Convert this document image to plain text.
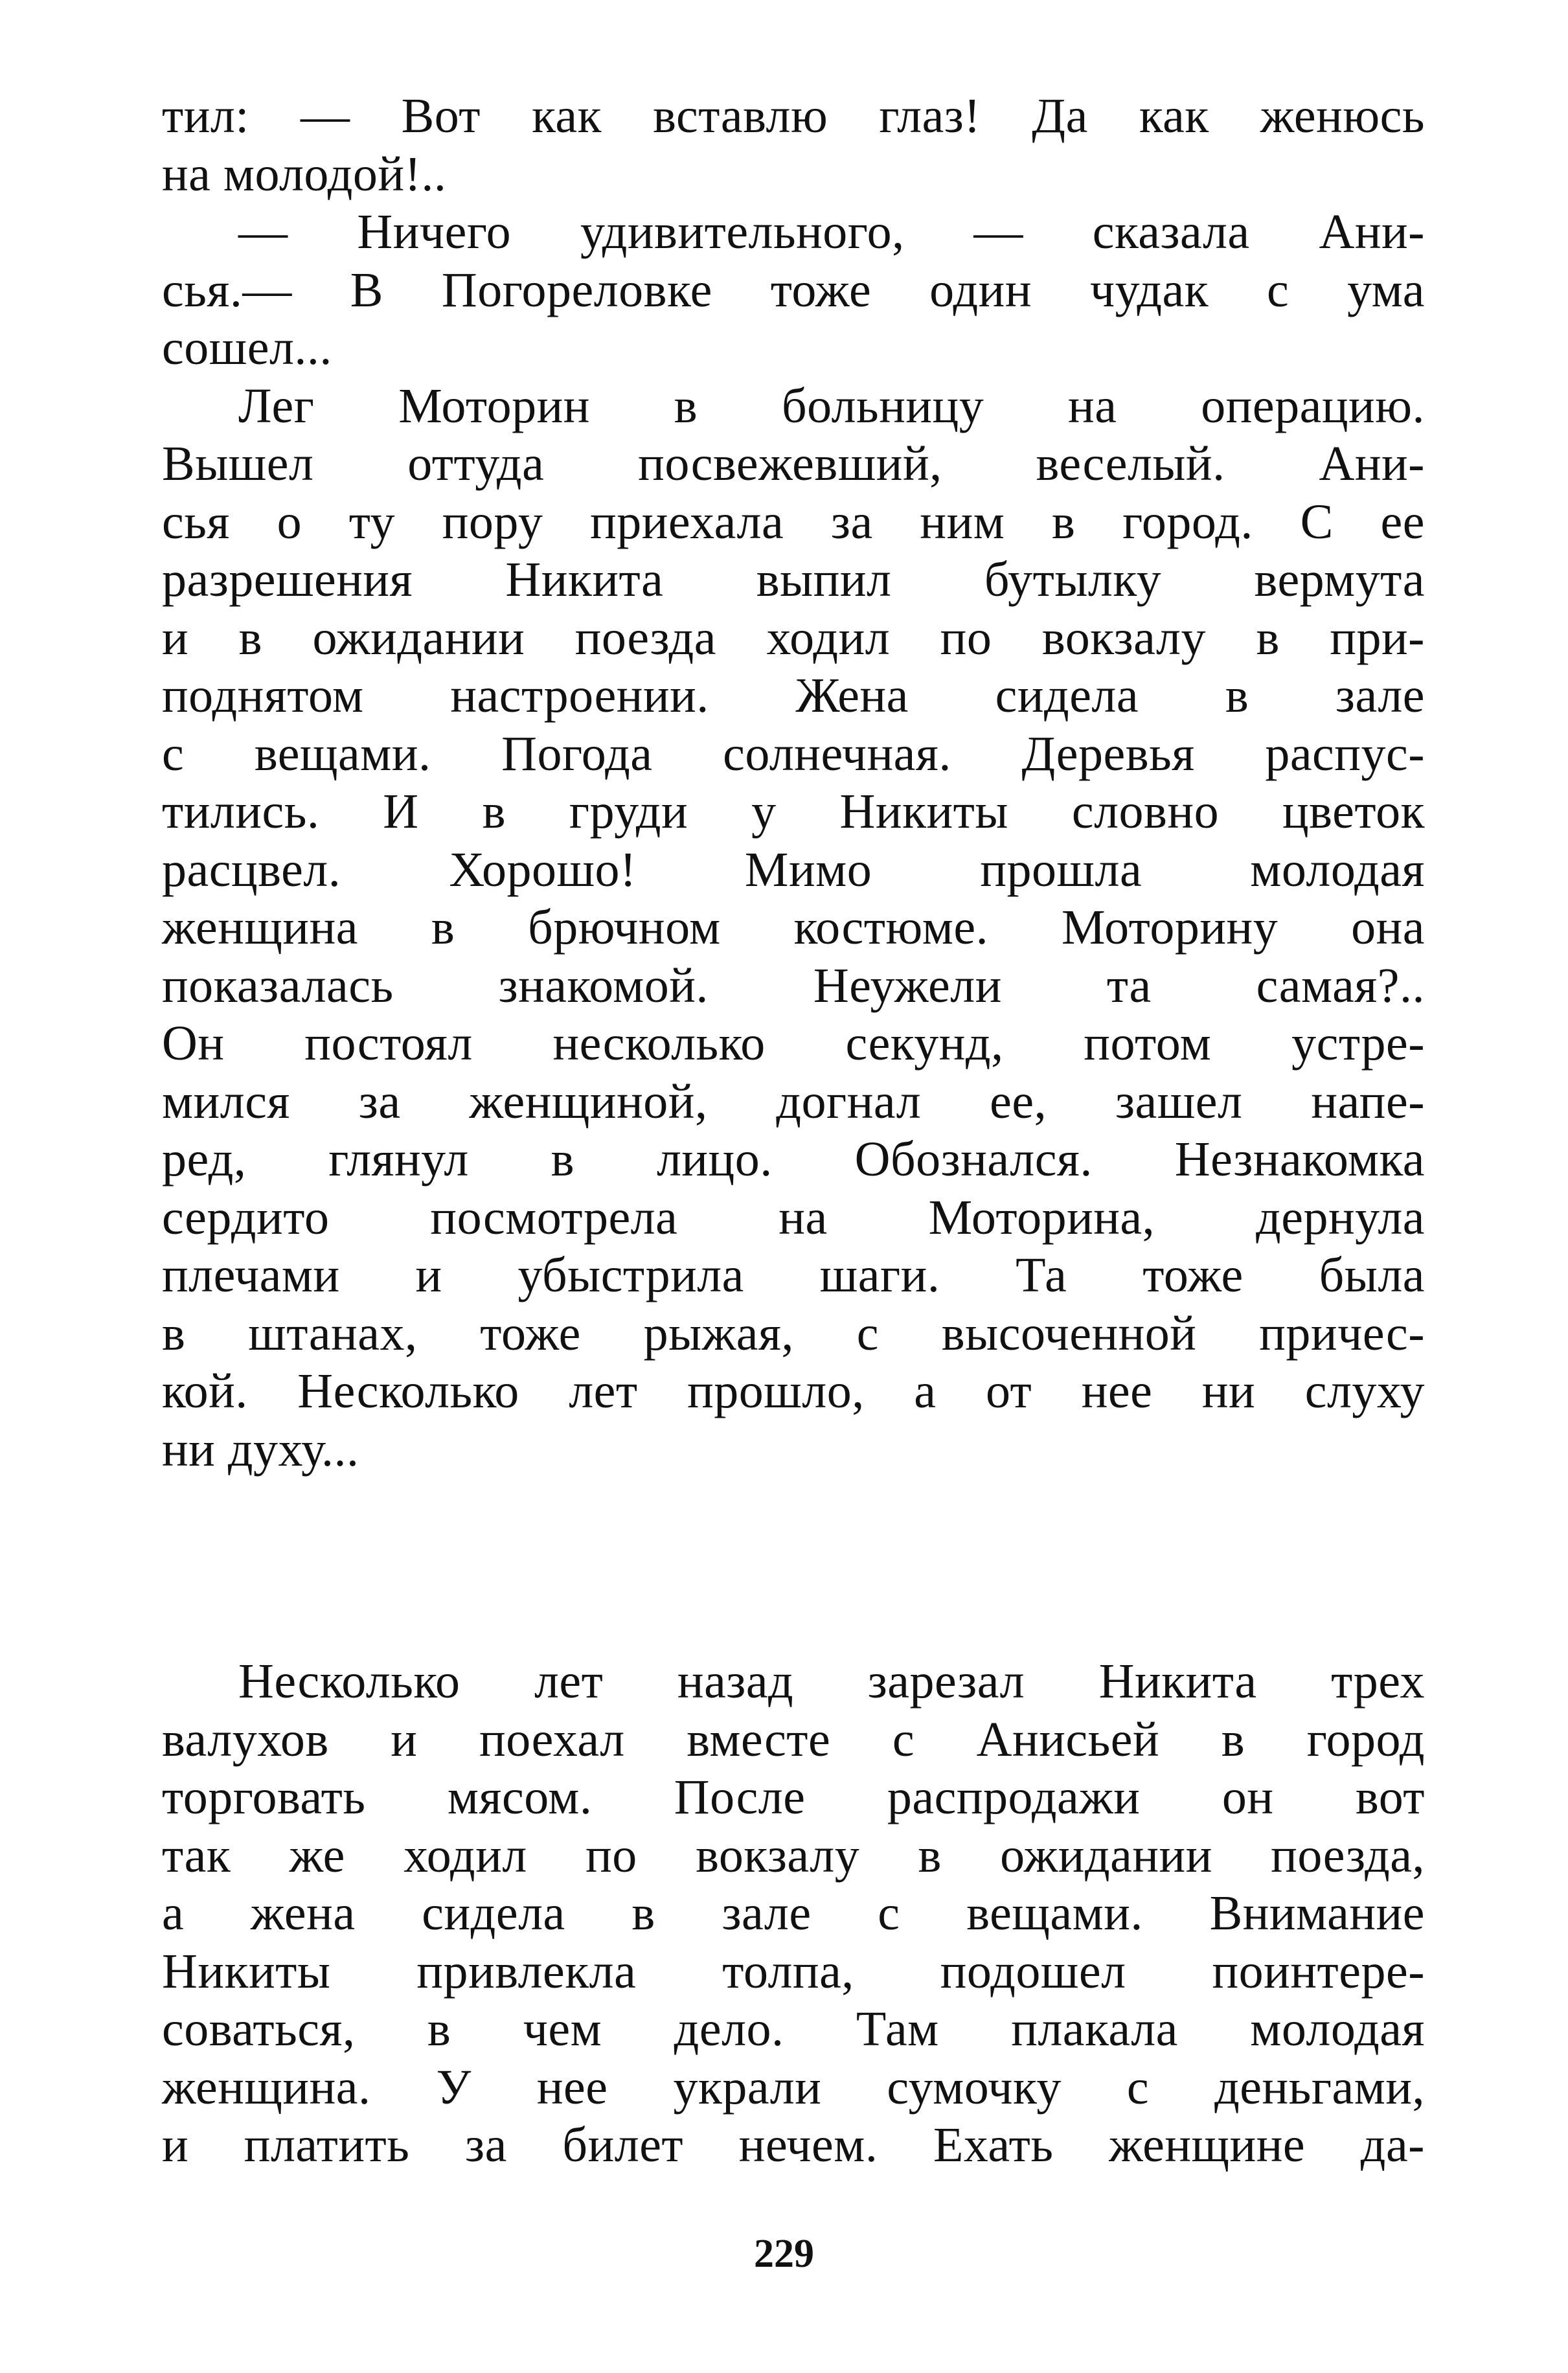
тил: — Вот как вставлю глаз! Да как женюсь
на молодой!..
— Ничего удивительного, — сказала Ани-
сья.— В Погореловке тоже один чудак с ума
сошел...
Лег Моторин в больницу на операцию.
Вышел оттуда посвежевший, веселый. Ани-
сья о ту пору приехала за ним в город. С ее
разрешения Никита выпил бутылку вермута
и в ожидании поезда ходил по вокзалу в при-
поднятом настроении. Жена сидела в зале
с вещами. Погода солнечная. Деревья распус-
тились. И в груди у Никиты словно цветок
расцвел. Хорошо! Мимо прошла молодая
женщина в брючном костюме. Моторину она
показалась знакомой. Неужели та самая?..
Он постоял несколько секунд, потом устре-
мился за женщиной, догнал ее, зашел напе-
ред, глянул в лицо. Обознался. Незнакомка
сердито посмотрела на Моторина, дернула
плечами и убыстрила шаги. Та тоже была
в штанах, тоже рыжая, с высоченной причес-
кой. Несколько лет прошло, а от нее ни слуху
ни духу...
Несколько лет назад зарезал Никита трех
валухов и поехал вместе с Анисьей в город
торговать мясом. После распродажи он вот
так же ходил по вокзалу в ожидании поезда,
а жена сидела в зале с вещами. Внимание
Никиты привлекла толпа, подошел поинтере-
соваться, в чем дело. Там плакала молодая
женщина. У нее украли сумочку с деньгами,
и платить за билет нечем. Ехать женщине да-
229
